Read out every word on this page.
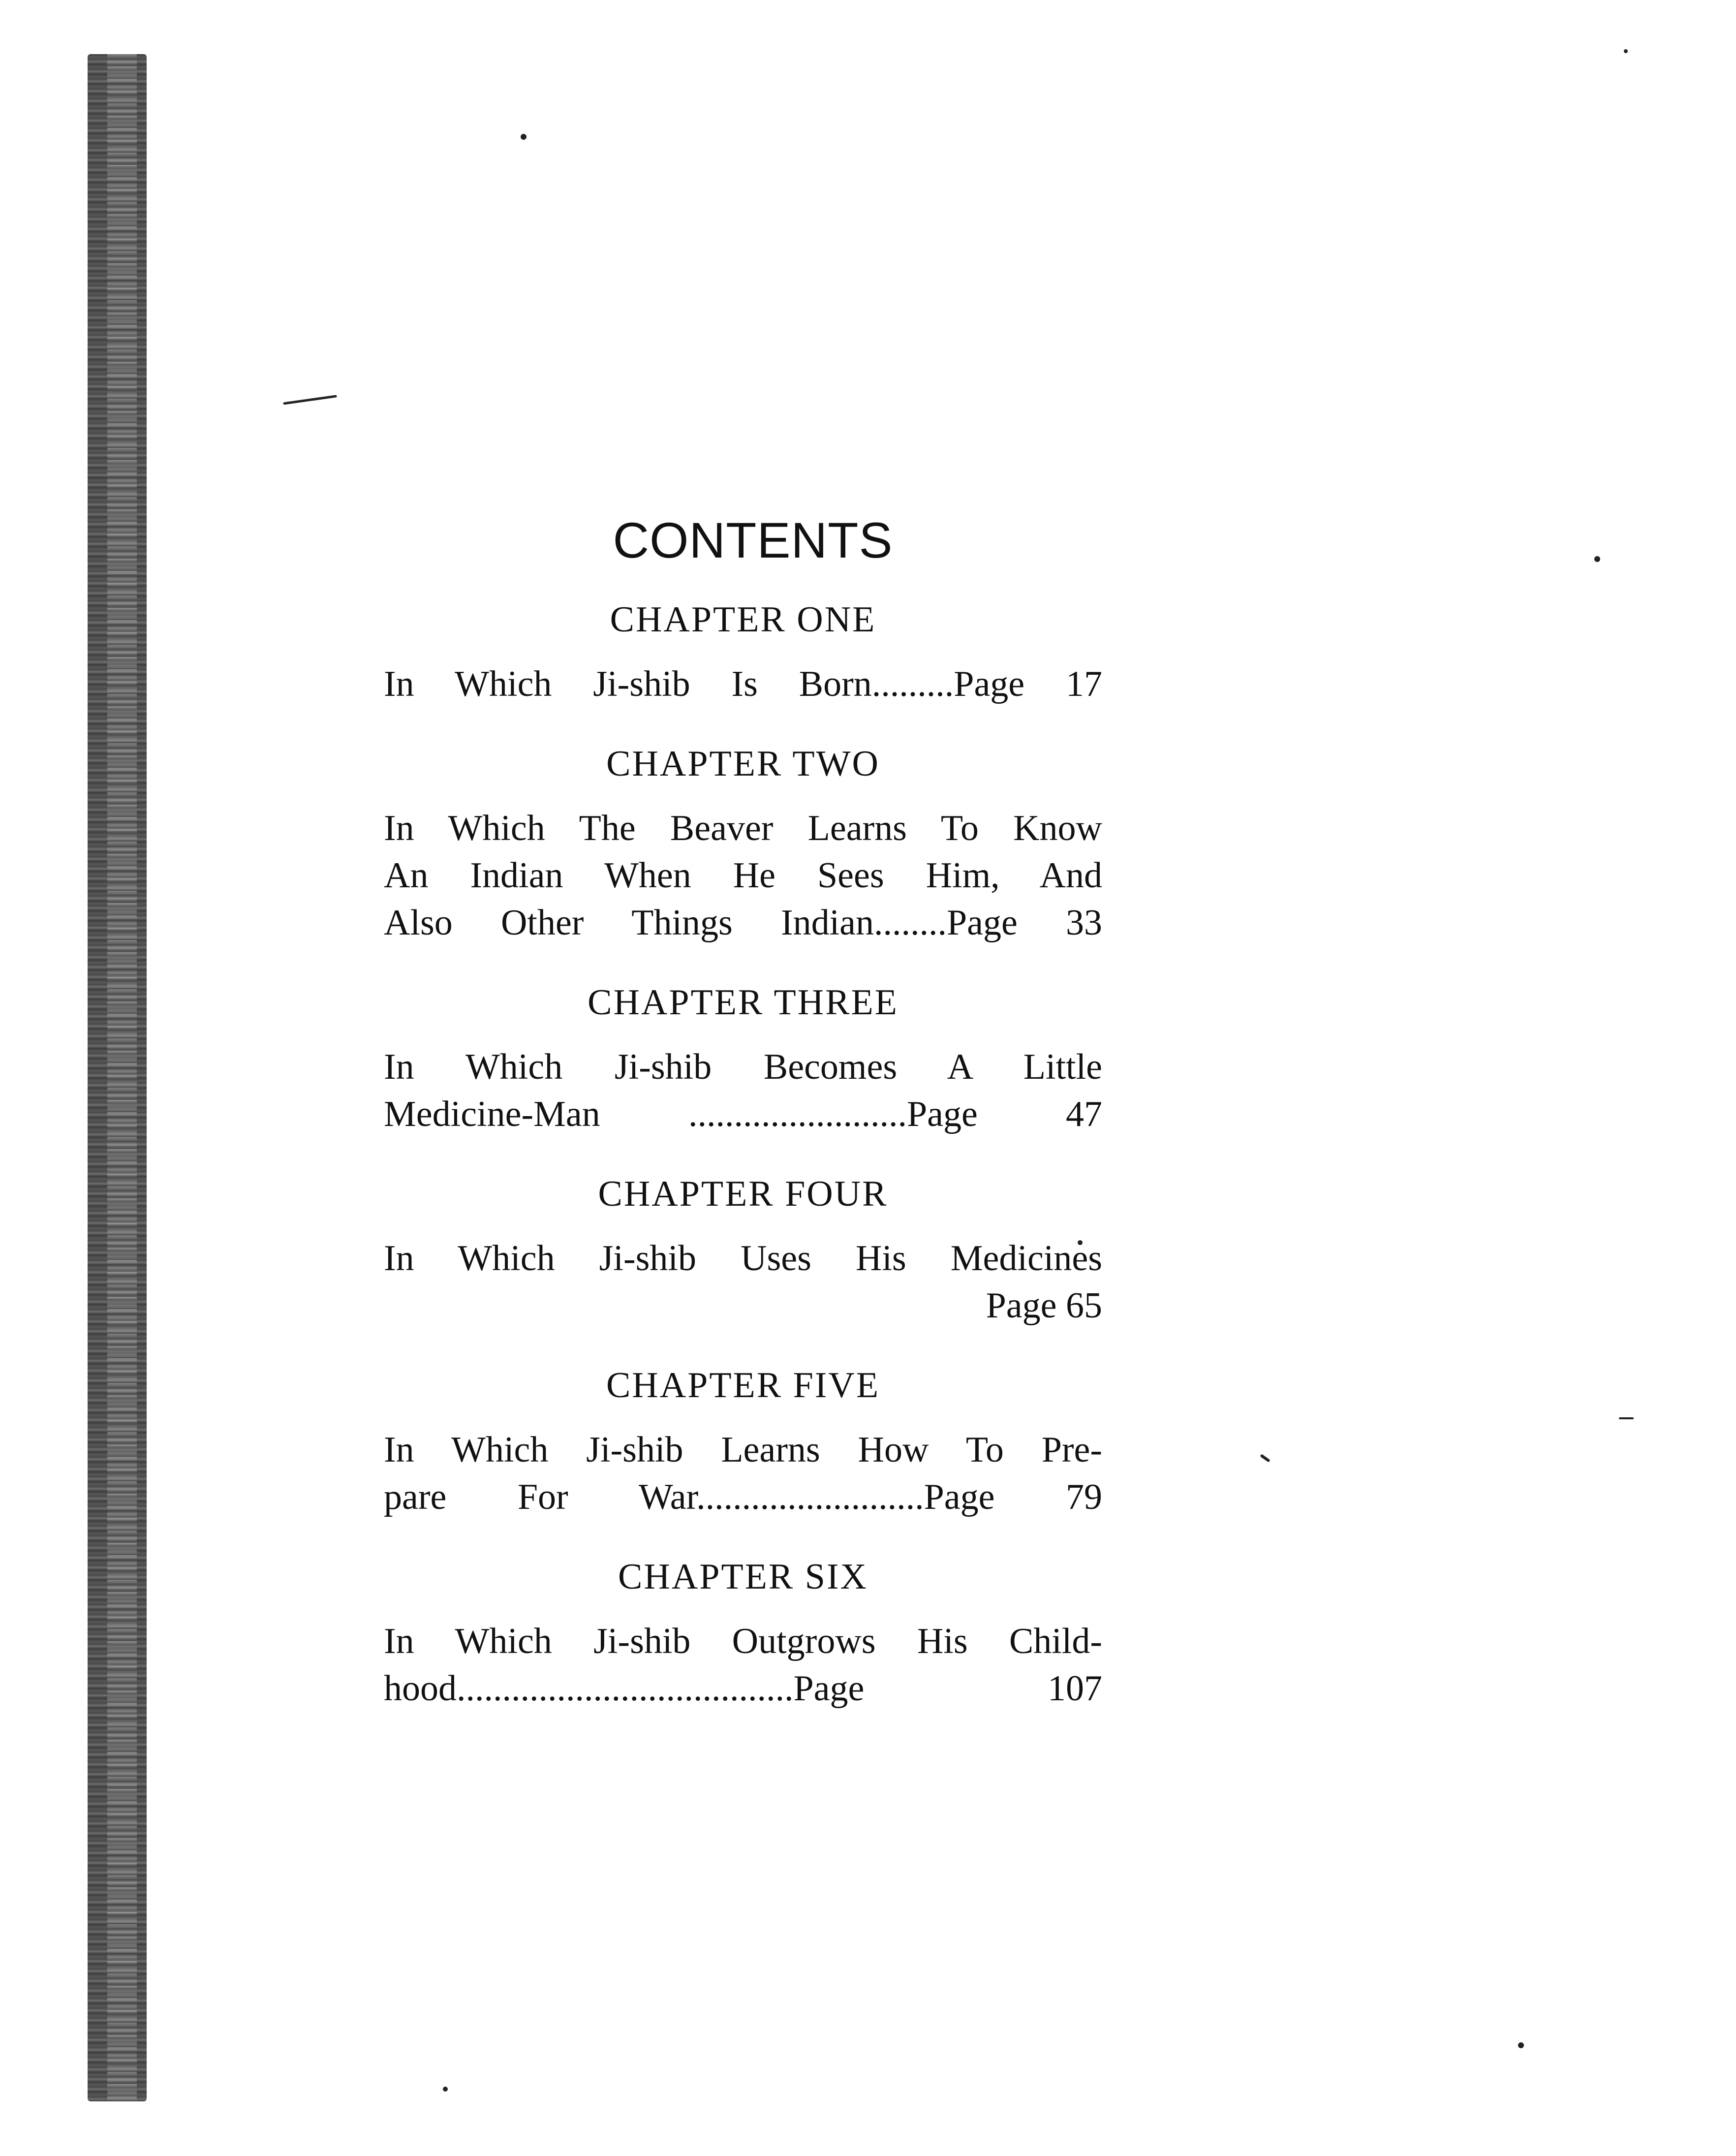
CONTENTS
CHAPTER ONE
In Which Ji-shib Is Born.........Page 17
CHAPTER TWO
In Which The Beaver Learns To Know
An Indian When He Sees Him, And
Also Other Things Indian........Page 33
CHAPTER THREE
In Which Ji-shib Becomes A Little
Medicine-Man ........................Page 47
CHAPTER FOUR
In Which Ji-shib Uses His Medicines
Page 65
CHAPTER FIVE
In Which Ji-shib Learns How To Pre-
pare For War.........................Page 79
CHAPTER SIX
In Which Ji-shib Outgrows His Child-
hood.....................................Page 107
